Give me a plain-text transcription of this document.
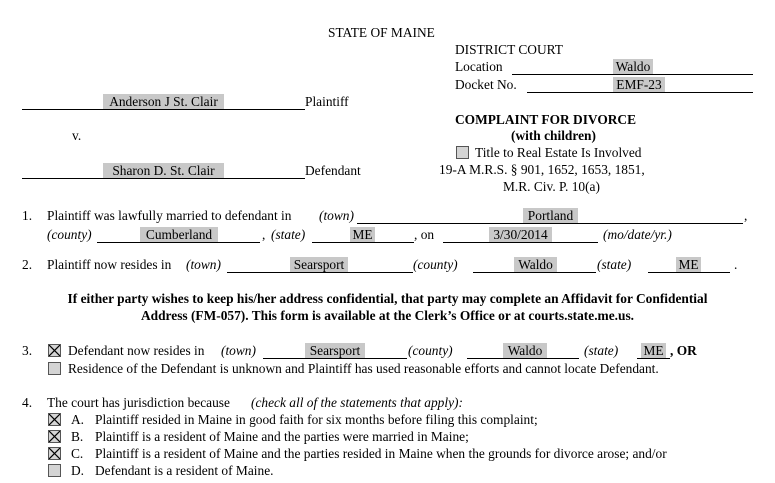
STATE OF MAINE
DISTRICT COURT
Location	Waldo
Docket No.	EMF-23
Anderson J St. Clair	Plaintiff
v.
Sharon D. St. Clair	Defendant
COMPLAINT FOR DIVORCE
(with children)
Title to Real Estate Is Involved
19-A M.R.S. § 901, 1652, 1653, 1851,
M.R. Civ. P. 10(a)
1. Plaintiff was lawfully married to defendant in (town)	Portland	,
(county)	Cumberland	, (state)	ME	, on	3/30/2014	(mo/date/yr.)
2. Plaintiff now resides in (town)	Searsport	(county)	Waldo	(state)	ME	.
If either party wishes to keep his/her address confidential, that party may complete an Affidavit for Confidential
Address (FM-057). This form is available at the Clerk’s Office or at courts.state.me.us.
3.	Defendant now resides in (town)	Searsport	(county)	Waldo	(state) ME , OR
Residence of the Defendant is unknown and Plaintiff has used reasonable efforts and cannot locate Defendant.
4. The court has jurisdiction because (check all of the statements that apply):
A. Plaintiff resided in Maine in good faith for six months before filing this complaint;
B. Plaintiff is a resident of Maine and the parties were married in Maine;
C. Plaintiff is a resident of Maine and the parties resided in Maine when the grounds for divorce arose; and/or
D. Defendant is a resident of Maine.
